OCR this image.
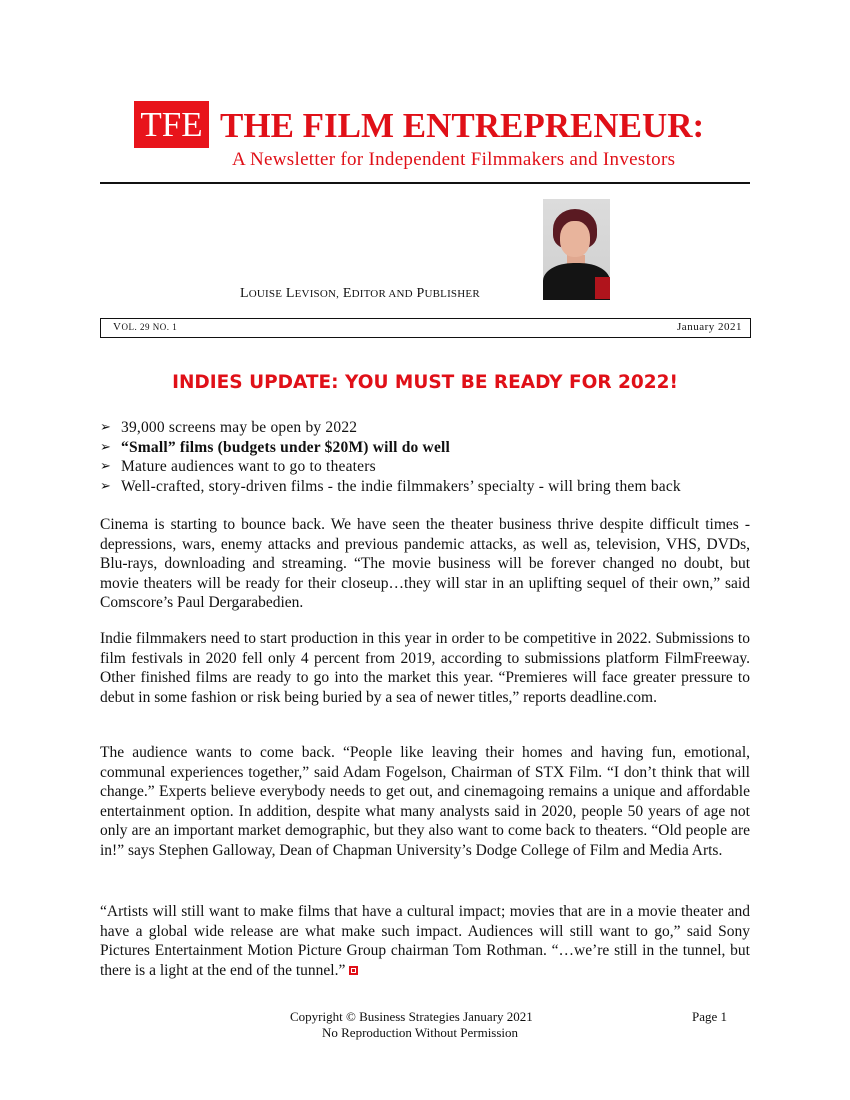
TFE THE FILM ENTREPRENEUR:
A Newsletter for Independent Filmmakers and Investors
LOUISE LEVISON, EDITOR AND PUBLISHER
VOL. 29 NO. 1	January 2021
INDIES UPDATE: YOU MUST BE READY FOR 2022!
➢ 39,000 screens may be open by 2022
➢ “Small” films (budgets under $20M) will do well
➢ Mature audiences want to go to theaters
➢ Well-crafted, story-driven films - the indie filmmakers’ specialty - will bring them back

Cinema is starting to bounce back. We have seen the theater business thrive despite difficult times - depressions, wars, enemy attacks and previous pandemic attacks, as well as, television, VHS, DVDs, Blu-rays, downloading and streaming. “The movie business will be forever changed no doubt, but movie theaters will be ready for their closeup…they will star in an uplifting sequel of their own,” said Comscore’s Paul Dergarabedien.

Indie filmmakers need to start production in this year in order to be competitive in 2022. Submissions to film festivals in 2020 fell only 4 percent from 2019, according to submissions platform FilmFreeway. Other finished films are ready to go into the market this year. “Premieres will face greater pressure to debut in some fashion or risk being buried by a sea of newer titles,” reports deadline.com.

The audience wants to come back. “People like leaving their homes and having fun, emotional, communal experiences together,” said Adam Fogelson, Chairman of STX Film. “I don’t think that will change.” Experts believe everybody needs to get out, and cinemagoing remains a unique and affordable entertainment option. In addition, despite what many analysts said in 2020, people 50 years of age not only are an important market demographic, but they also want to come back to theaters. “Old people are in!” says Stephen Galloway, Dean of Chapman University’s Dodge College of Film and Media Arts.

“Artists will still want to make films that have a cultural impact; movies that are in a movie theater and have a global wide release are what make such impact. Audiences will still want to go,” said Sony Pictures Entertainment Motion Picture Group chairman Tom Rothman. “…we’re still in the tunnel, but there is a light at the end of the tunnel.”

Copyright © Business Strategies January 2021
No Reproduction Without Permission
Page 1
